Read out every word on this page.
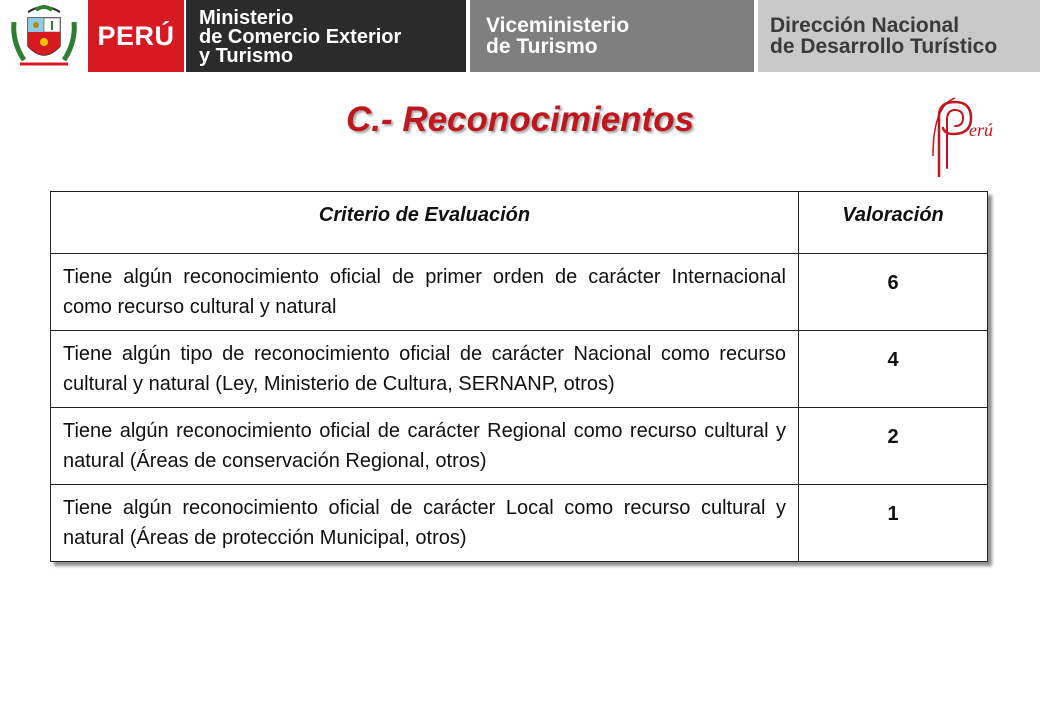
PERÚ
Ministerio
de Comercio Exterior
y Turismo
Viceministerio
de Turismo
Dirección Nacional
de Desarrollo Turístico
C.- Reconocimientos	erú
Criterio de Evaluación	Valoración
Tiene algún reconocimiento oficial de primer orden de carácter Internacional como recurso cultural y natural	6
Tiene algún tipo de reconocimiento oficial de carácter Nacional como recurso cultural y natural (Ley, Ministerio de Cultura, SERNANP, otros)	4
Tiene algún reconocimiento oficial de carácter Regional como recurso cultural y natural (Áreas de conservación Regional, otros)	2
Tiene algún reconocimiento oficial de carácter Local como recurso cultural y natural (Áreas de protección Municipal, otros)	1
